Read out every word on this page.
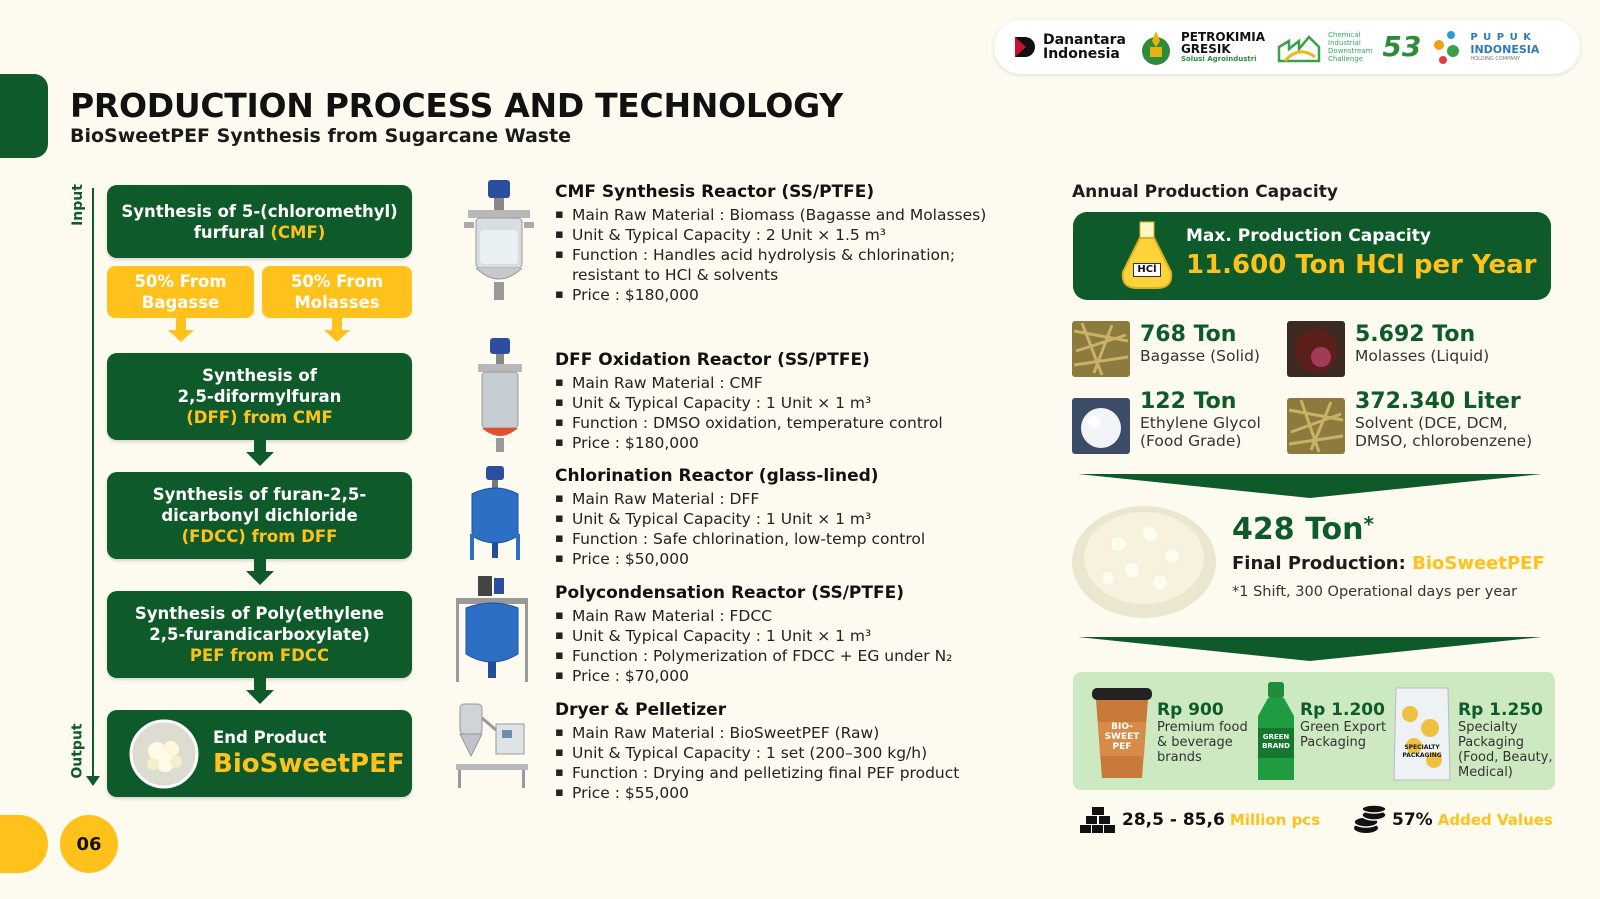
PRODUCTION PROCESS AND TECHNOLOGY
BioSweetPEF Synthesis from Sugarcane Waste
Danantara
Indonesia
PETROKIMIA
GRESIK
Solusi Agroindustri
Chemical
Industrial
Downstream
Challenge 53	P U P U K
INDONESIA
HOLDING COMPANY
Input
Output
Synthesis of 5-(chloromethyl)
furfural (CMF)
50% From
Bagasse
50% From
Molasses
Synthesis of
2,5-diformylfuran
(DFF) from CMF
Synthesis of furan-2,5-
dicarbonyl dichloride
(FDCC) from DFF
Synthesis of Poly(ethylene
2,5-furandicarboxylate)
PEF from FDCC
End Product
BioSweetPEF
CMF Synthesis Reactor (SS/PTFE)
▪ Main Raw Material : Biomass (Bagasse and Molasses)
▪ Unit & Typical Capacity : 2 Unit × 1.5 m³
▪ Function : Handles acid hydrolysis & chlorination; resistant to HCl & solvents
▪ Price : $180,000
DFF Oxidation Reactor (SS/PTFE)
▪ Main Raw Material : CMF
▪ Unit & Typical Capacity : 1 Unit × 1 m³
▪ Function : DMSO oxidation, temperature control
▪ Price : $180,000
Chlorination Reactor (glass-lined)
▪ Main Raw Material : DFF
▪ Unit & Typical Capacity : 1 Unit × 1 m³
▪ Function : Safe chlorination, low-temp control
▪ Price : $50,000
Polycondensation Reactor (SS/PTFE)
▪ Main Raw Material : FDCC
▪ Unit & Typical Capacity : 1 Unit × 1 m³
▪ Function : Polymerization of FDCC + EG under N₂
▪ Price : $70,000
Dryer & Pelletizer
▪ Main Raw Material : BioSweetPEF (Raw)
▪ Unit & Typical Capacity : 1 set (200–300 kg/h)
▪ Function : Drying and pelletizing final PEF product
▪ Price : $55,000
Annual Production Capacity
HCl
Max. Production Capacity
11.600 Ton HCl per Year
768 Ton
Bagasse (Solid)
5.692 Ton
Molasses (Liquid)
122 Ton
Ethylene Glycol
(Food Grade)
372.340 Liter
Solvent (DCE, DCM,
DMSO, chlorobenzene)
428 Ton*
Final Production: BioSweetPEF
*1 Shift, 300 Operational days per year
BIO-SWEET PEF
Rp 900
Premium food
& beverage
brands
GREEN BRAND
Rp 1.200
Green Export
Packaging	SPECIALTY PACKAGING
Rp 1.250
Specialty
Packaging
(Food, Beauty,
Medical)
28,5 - 85,6 Million pcs	57% Added Values
06
